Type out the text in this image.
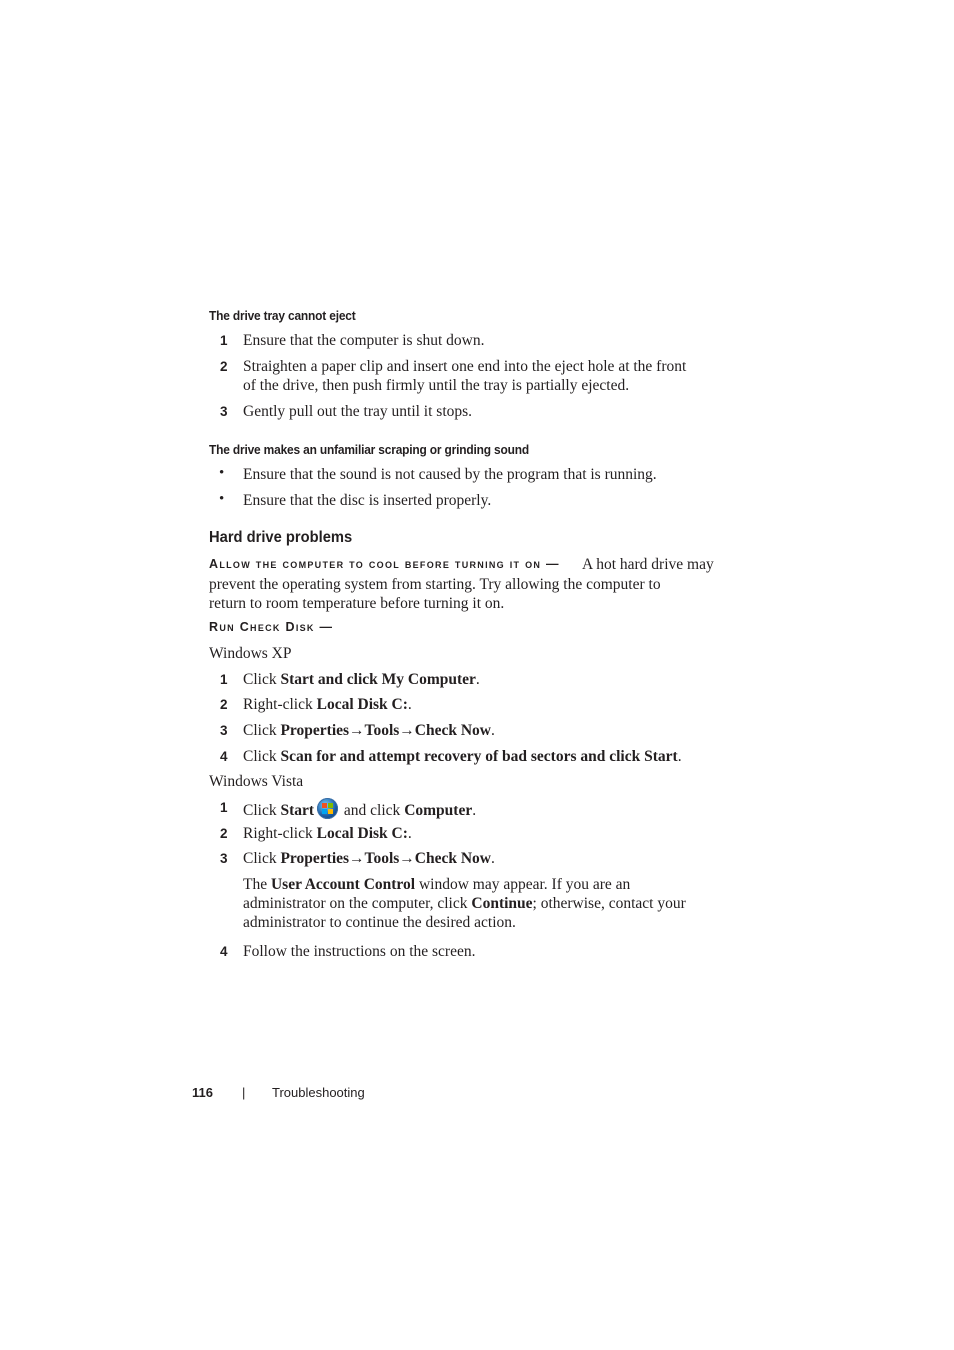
The drive tray cannot eject
1 Ensure that the computer is shut down.
2 Straighten a paper clip and insert one end into the eject hole at the front
of the drive, then push firmly until the tray is partially ejected.
3 Gently pull out the tray until it stops.
The drive makes an unfamiliar scraping or grinding sound
• Ensure that the sound is not caused by the program that is running.
• Ensure that the disc is inserted properly.
Hard drive problems
Allow the computer to cool before turning it on — A hot hard drive may
prevent the operating system from starting. Try allowing the computer to
return to room temperature before turning it on.
Run Check Disk —
Windows XP
1 Click Start and click My Computer.
2 Right-click Local Disk C:.
3 Click Properties→Tools→Check Now.
4 Click Scan for and attempt recovery of bad sectors and click Start.
Windows Vista
1 Click Start
and click Computer.
2 Right-click Local Disk C:.
3 Click Properties→Tools→Check Now.
The User Account Control window may appear. If you are an
administrator on the computer, click Continue; otherwise, contact your
administrator to continue the desired action.
4 Follow the instructions on the screen.
116 | Troubleshooting
